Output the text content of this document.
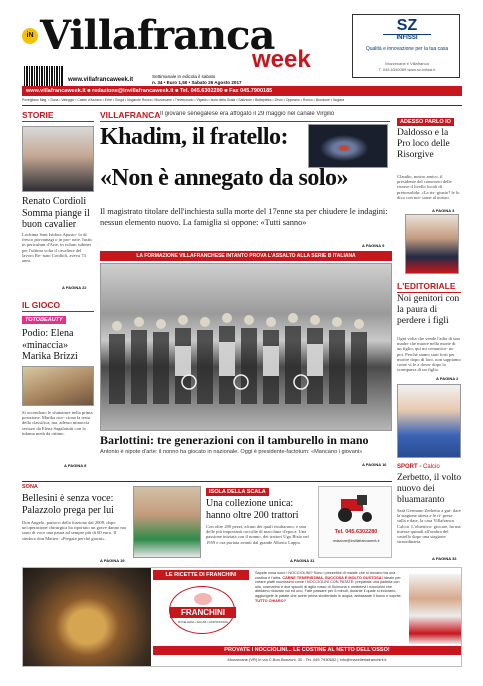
iN Villafranca
week
www.villafrancaweek.it
Settimanale in edicola il sabato
n. 34 • Euro 1,50 • Sabato 26 Agosto 2017
SZ
INFISSI
Qualità e innovazione per la tua casa
Mozzecane e Villafranca
T. 045.6340089 www.sz-infissi.it
www.villafrancaweek.it ■ redazione@invillafrancaweek.it ■ Tel. 045.6302280 ■ Fax 045.7900185
Povegliano Mag. • Sona • Valeggio • Castel d'Azzano • Erbè • Sorgà • Nogarole Rocca • Mozzecane • Trevenzuolo • Vigasio • Isola della Scala • Salizzole • Buttapietra • Zevio • Oppeano • Ronco • Bovolone • Nogara
STORIE
Renato Cordioli Somma piange il buon cavalier
Lochima Sant Isidora Aposto- lo di fresco porvamagi o in pro- nate. Iustic in periculum d'Arte, in volum subinet per l'ultima volta il cavaliere del lavoro Re- nato Cordioli, aveva 74 anni.
A PAGINA 22
IL GIOCO
TOTOBEAUTY
Podio: Elena «minaccia» Marika Brizzi
Si accendono le sfumature nella prima posizione. Marika rice- ciona la testa della classifica, ma, adesso minaccia seriozo da Elena Sagalotutti con la tiduma metà da ottimo.
A PAGINA 8
VILLAFRANCA Il giovane senegalese era affogato il 29 maggio nel canale Virgilio
Khadim, il fratello:
«Non è annegato da solo»
Il magistrato titolare dell'inchiesta sulla morte del 17enne sta per chiudere le indagini: nessun elemento nuovo. La famiglia si oppone: «Tutti sanno»
A PAGINA 9
LA FORMAZIONE VILLAFRANCHESE INTANTO PROVA L'ASSALTO ALLA SERIE B ITALIANA
Barlottini: tre generazioni con il tamburello in mano
Antonio è nipote d'arte: il nonno ha giocato in nazionale. Oggi è presidente-factotum: «Mancano i giovani»
A PAGINA 16
ADESSO PARLO IO
Daldosso e la Pro loco delle Risorgive
Claudio, nostro amico, il presidente del consorzio delle risorse il livello locali di pretorsolida: «La ris- giusto? le lo dico con noi- tarne al nostro.
A PAGINA 3
L'EDITORIALE
Noi genitori con la paura di perdere i figli
Ogni volta che vende l'adio di una madre che muore nella morte di un figlio, qui mi comunico- no poi. Perché siamo stati forti per morire dopo di loro, non sappiamo come vi le a dover dopo la scomparsa di un figlio.
A PAGINA 2
SPORT - Calcio
Zerbetto, il volto nuovo dei bluamaranto
Sarà Germano Zerbetto a gui- dare la stagione attesa e le ri- presa sulla e date, la casa Villafranca Calcio. L'obiettivo: giocare, ha ma intesse quinali all'ombra del castello dopo una stagione straordinaria.
A PAGINA 33
SONA
Bellesini è senza voce: Palazzolo prega per lui
Don Angelo, parroco della frazione dal 2009, dopo un'operazione chirurgica ha riportato un grave danno ma sono di voce una paura ad sempre più di 60 euro. Il sindaco don Matteo: «Pregate perché giorni».
A PAGINA 19
ISOLA DELLA SCALA
Una collezione unica: hanno oltre 200 trattori
Con oltre 200 pezzi, alcuni dei quali risultarono, e una delle più importanti raccolte di macchine d'epoca. Una passione iniziata con il nonno, dei trattori Ugo Bisio nel 1959 e ora portata avanti dal grande Alberto Lappo.
A PAGINA 31
Tel. 045.6302280
redazione@invillafrancaweek.it
LE RICETTE DI FRANCHINI
FRANCHINI
MACELLERIA • SALUMI • GASTRONOMIA
Sapete cosa sono i NOCCIOLINI? Sono i pezzettini di maiale che si trovano tra una costina e l'altra. CARNE TENERISSIMA, SUCCOSA E MOLTO GUSTOSA! Ideale per creare piatti nuovissimi come i NOCCIOLINI CON PATATE: preparate una padella con olio, rosmarino e due spicchi di aglio rosso di Sulmona e mettetevi i nocciolini che abbiamo ricavato voi ed uno. Fate passare per 5 minuti, durante il quale si indorano, aggiungete le patate che avete prima sbollentato in acqua, abbassate il fuoco e coprite. TUTTO CHIARO?
PROVATE I NOCCIOLINI... LE COSTINE AL NETTO DELL'OSSO!
Mozzecane (VR) in via C.Bon Bonzoni, 30 - Tel. 045 7930652 | info@macelleriafranchini.it
